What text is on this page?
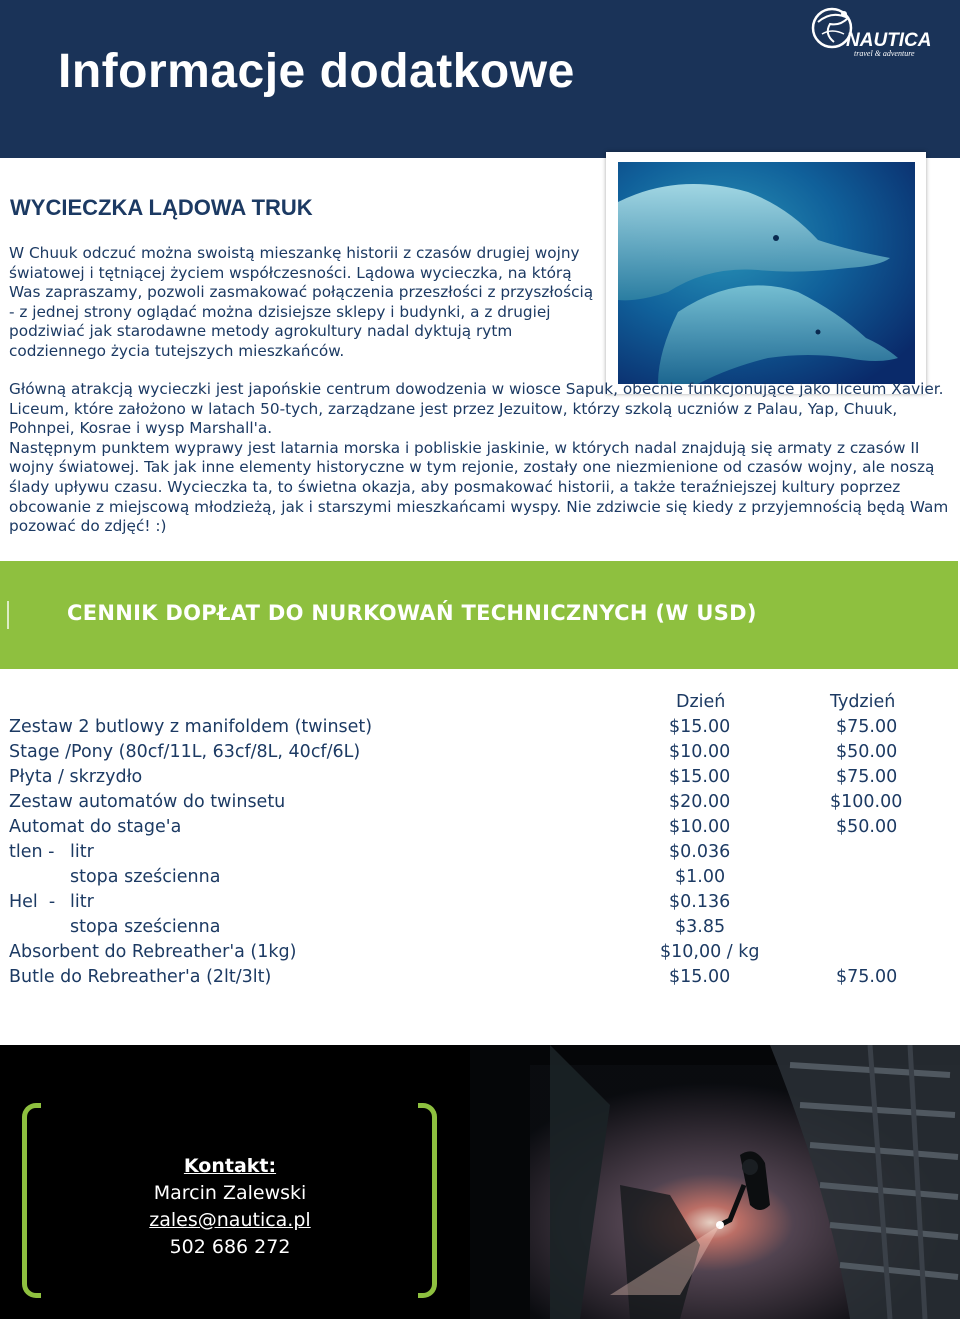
Informacje dodatkowe
NAUTICA
travel & adventure
WYCIECZKA LĄDOWA TRUK

W Chuuk odczuć można swoistą mieszankę historii z czasów drugiej wojny światowej i tętniącej życiem współczesności. Lądowa wycieczka, na którą Was zapraszamy, pozwoli zasmakować połączenia przeszłości z przyszłością - z jednej strony oglądać można dzisiejsze sklepy i budynki, a z drugiej podziwiać jak starodawne metody agrokultury nadal dyktują rytm codziennego życia tutejszych mieszkańców.

Główną atrakcją wycieczki jest japońskie centrum dowodzenia w wiosce Sapuk, obecnie funkcjonujące jako liceum Xavier. Liceum, które założono w latach 50-tych, zarządzane jest przez Jezuitow, którzy szkolą uczniów z Palau, Yap, Chuuk, Pohnpei, Kosrae i wysp Marshall'a.
Następnym punktem wyprawy jest latarnia morska i pobliskie jaskinie, w których nadal znajdują się armaty z czasów II wojny światowej. Tak jak inne elementy historyczne w tym rejonie, zostały one niezmienione od czasów wojny, ale noszą ślady upływu czasu. Wycieczka ta, to świetna okazja, aby posmakować historii, a także teraźniejszej kultury poprzez obcowanie z miejscową młodzieżą, jak i starszymi mieszkańcami wyspy. Nie zdziwcie się kiedy z przyjemnością będą Wam pozować do zdjęć! :)
CENNIK DOPŁAT DO NURKOWAŃ TECHNICZNYCH (W USD)
Dzień	Tydzień
Zestaw 2 butlowy z manifoldem (twinset)	$15.00	$75.00
Stage /Pony (80cf/11L, 63cf/8L, 40cf/6L)	$10.00	$50.00
Płyta / skrzydło	$15.00	$75.00
Zestaw automatów do twinsetu	$20.00	$100.00
Automat do stage'a	$10.00	$50.00
tlen - litr	$0.036
stopa sześcienna	$1.00
Hel  - litr	$0.136
stopa sześcienna	$3.85
Absorbent do Rebreather'a (1kg)	$10,00 / kg
Butle do Rebreather'a (2lt/3lt)	$15.00	$75.00
Kontakt:
Marcin Zalewski
zales@nautica.pl
502 686 272
